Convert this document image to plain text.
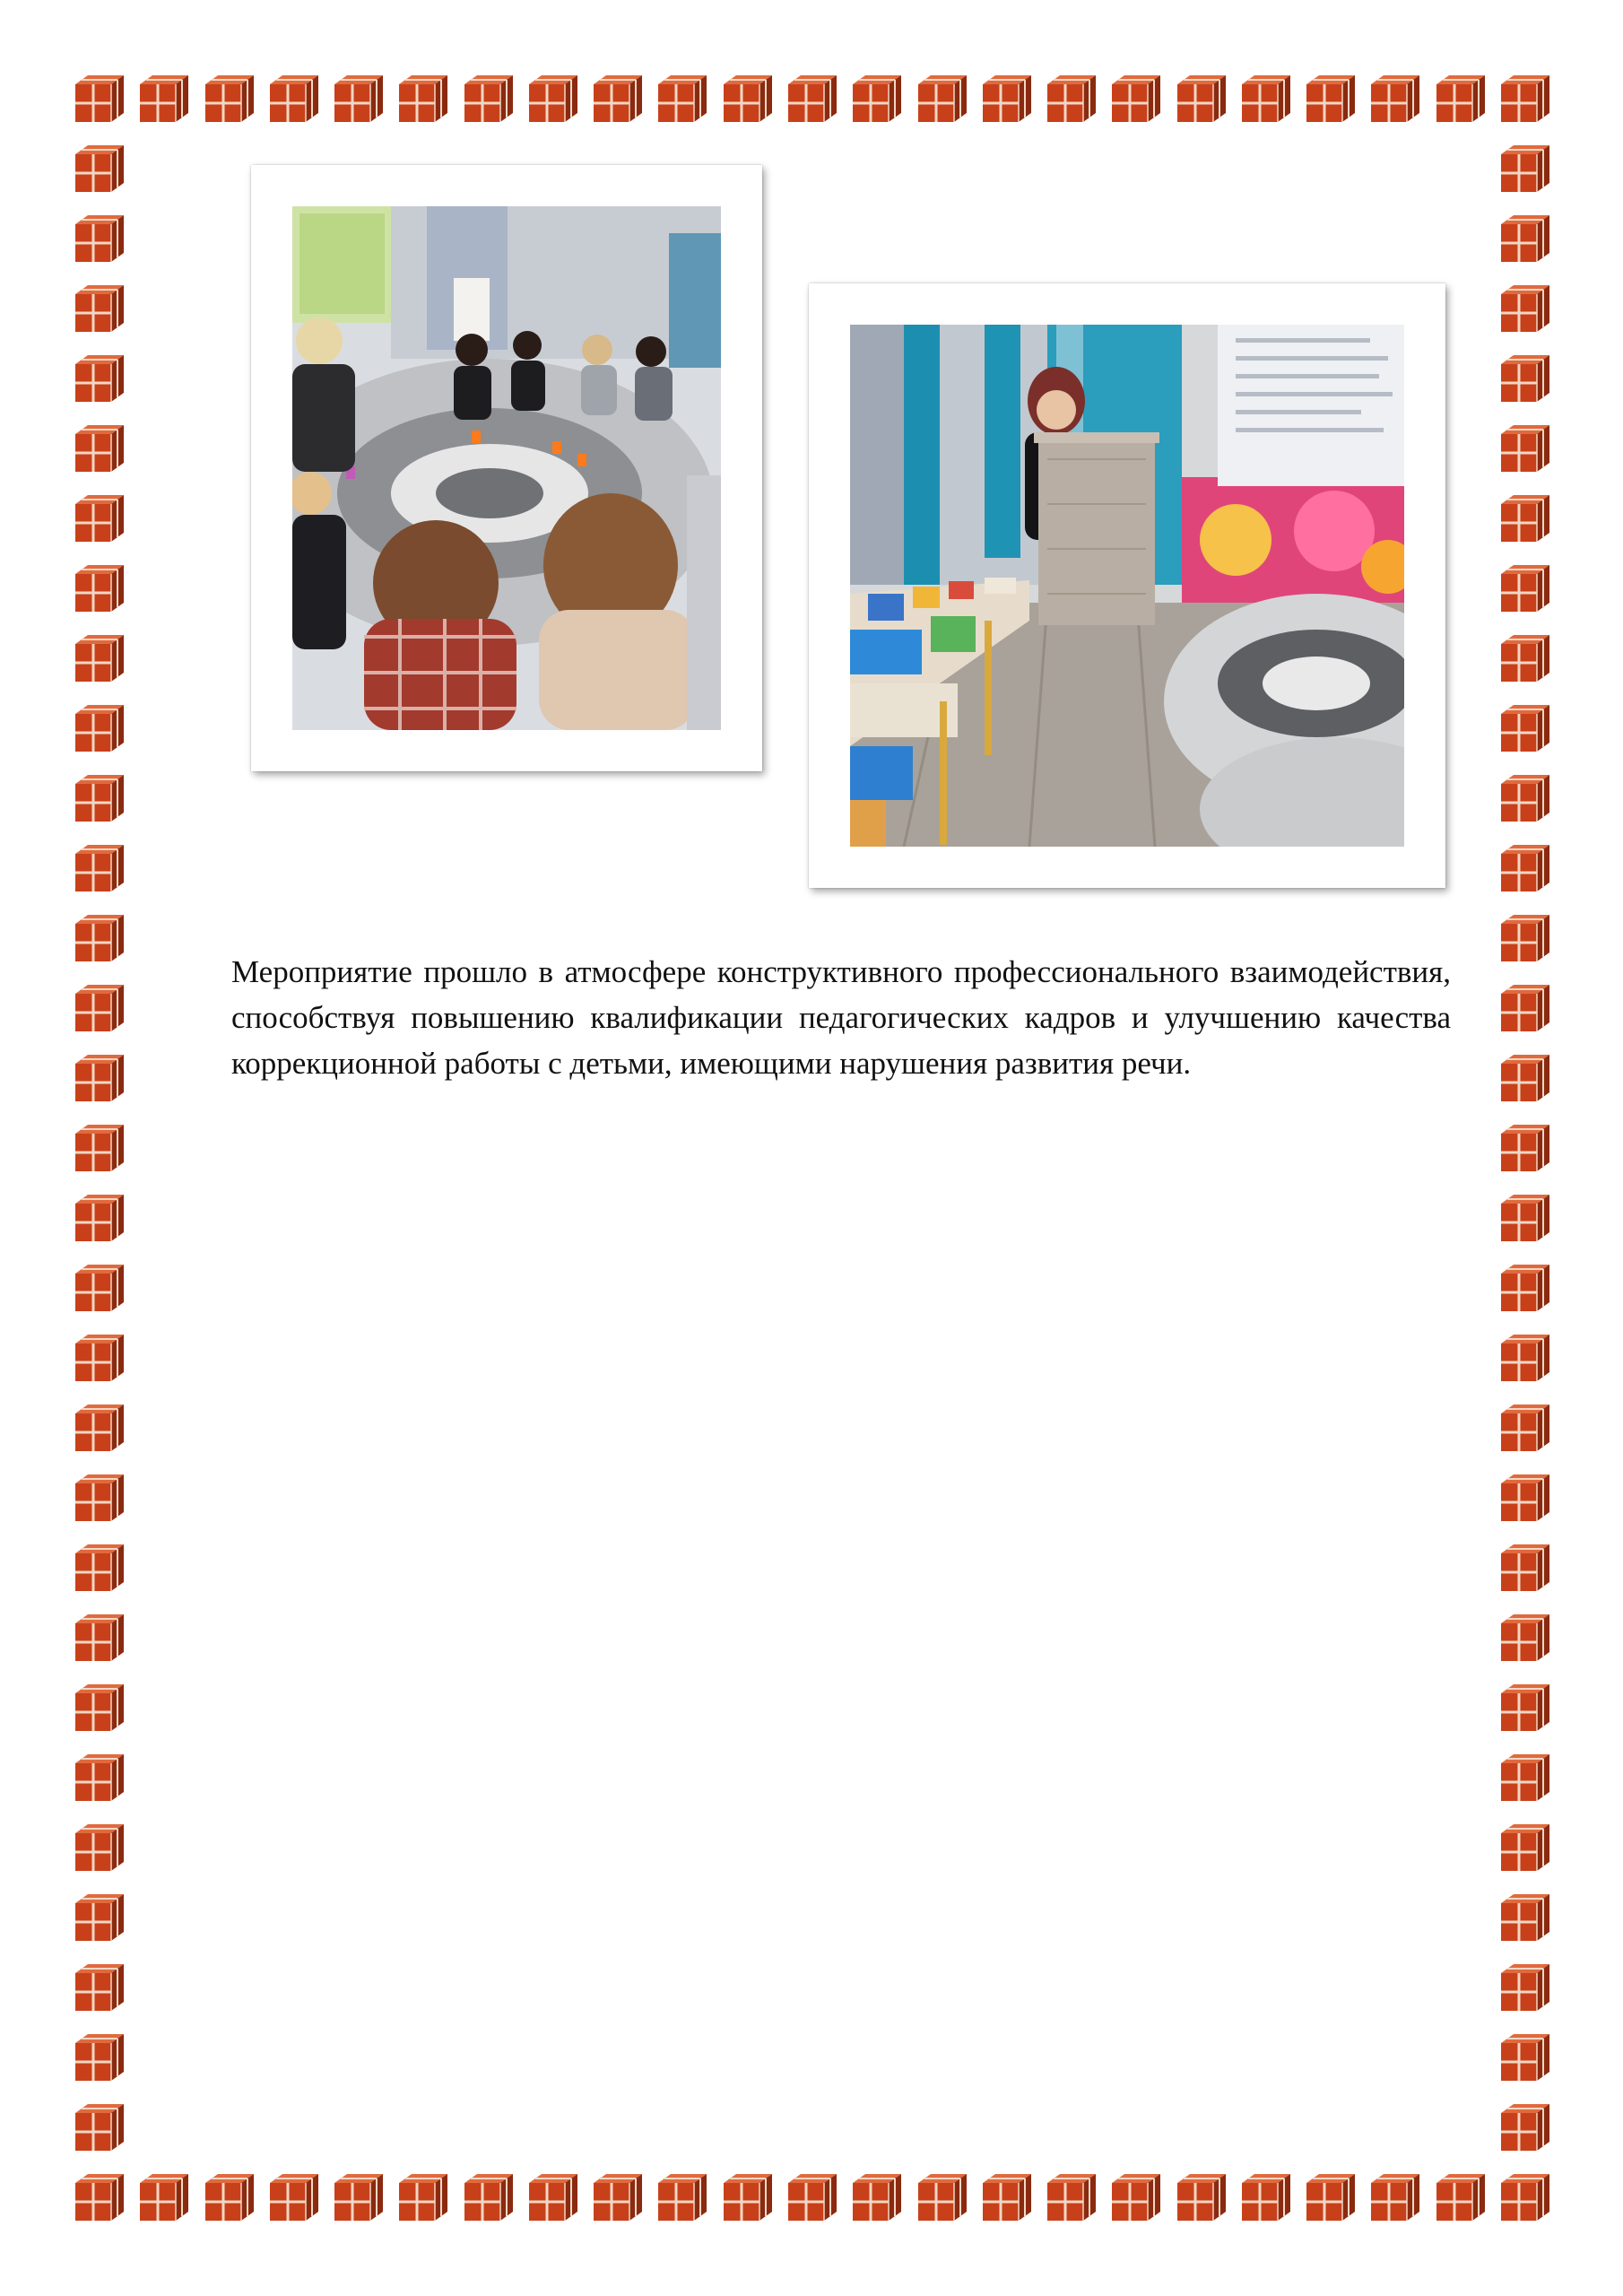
Мероприятие прошло в атмосфере конструктивного профессионального взаимодействия, способствуя повышению квалификации педагогических кадров и улучшению качества коррекционной работы с детьми, имеющими нарушения развития речи.
